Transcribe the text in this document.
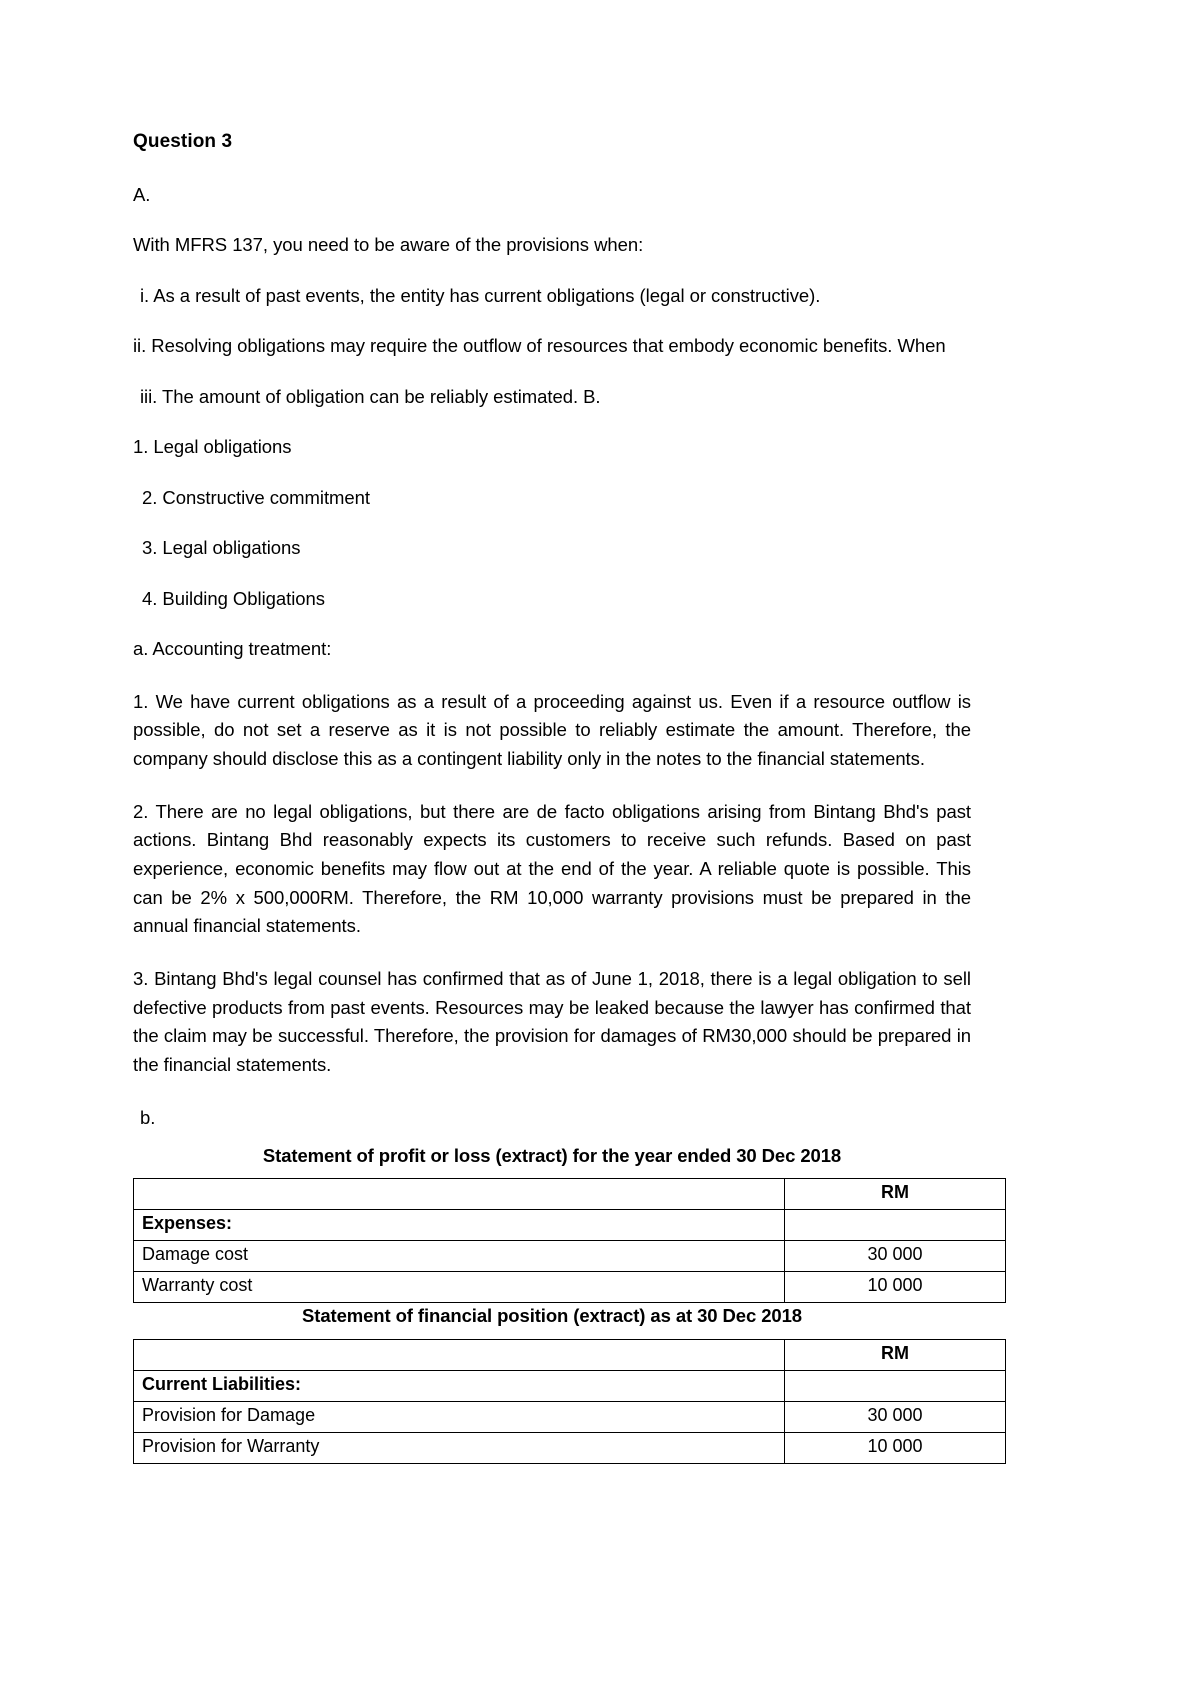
Question 3

A.

With MFRS 137, you need to be aware of the provisions when:

i. As a result of past events, the entity has current obligations (legal or constructive).

ii. Resolving obligations may require the outflow of resources that embody economic benefits. When

iii. The amount of obligation can be reliably estimated. B.

1. Legal obligations

2. Constructive commitment

3. Legal obligations

4. Building Obligations

a. Accounting treatment:

1. We have current obligations as a result of a proceeding against us. Even if a resource outflow is possible, do not set a reserve as it is not possible to reliably estimate the amount. Therefore, the company should disclose this as a contingent liability only in the notes to the financial statements.

2. There are no legal obligations, but there are de facto obligations arising from Bintang Bhd's past actions. Bintang Bhd reasonably expects its customers to receive such refunds. Based on past experience, economic benefits may flow out at the end of the year. A reliable quote is possible. This can be 2% x 500,000RM. Therefore, the RM 10,000 warranty provisions must be prepared in the annual financial statements.

3. Bintang Bhd's legal counsel has confirmed that as of June 1, 2018, there is a legal obligation to sell defective products from past events. Resources may be leaked because the lawyer has confirmed that the claim may be successful. Therefore, the provision for damages of RM30,000 should be prepared in the financial statements.

b.

Statement of profit or loss (extract) for the year ended 30 Dec 2018

	RM
Expenses:	
Damage cost	30 000
Warranty cost	10 000

Statement of financial position (extract) as at 30 Dec 2018

	RM
Current Liabilities:	
Provision for Damage	30 000
Provision for Warranty	10 000
